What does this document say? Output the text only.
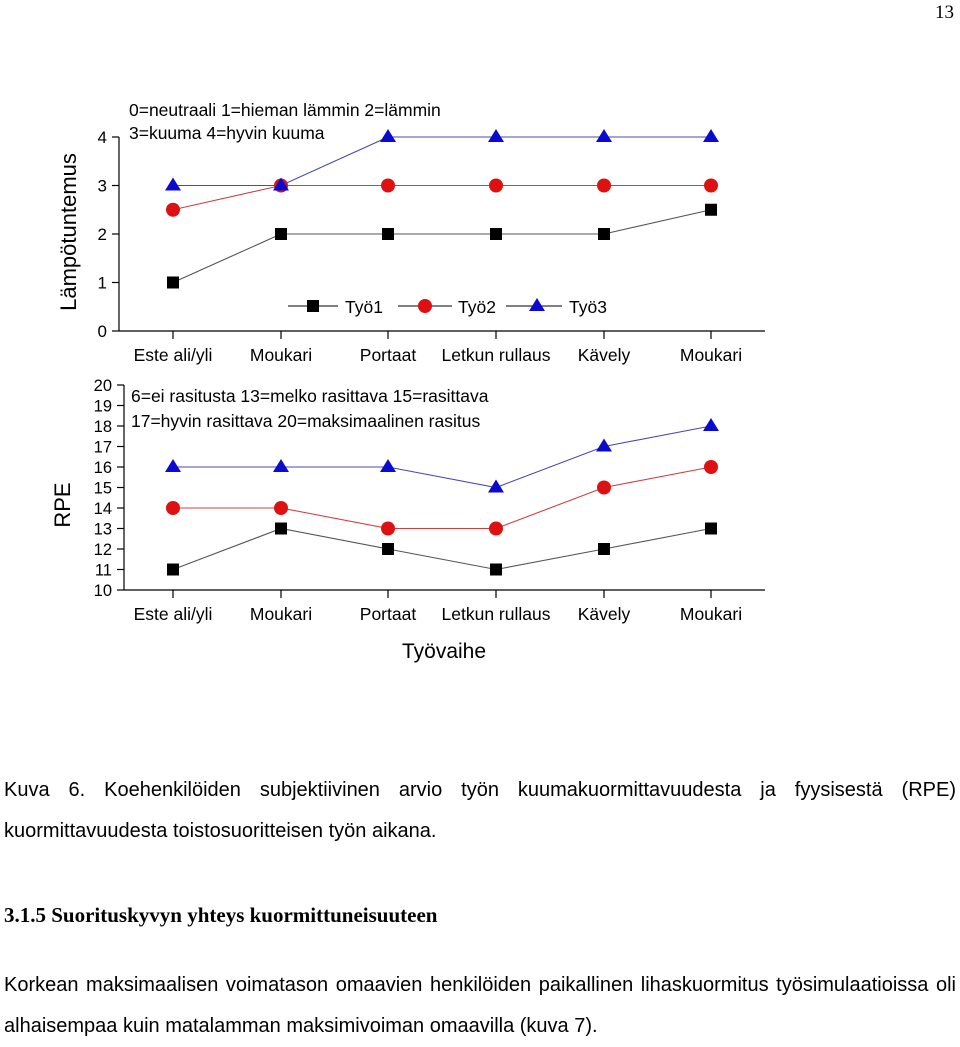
13
Lämpötuntemus
0=neutraali 1=hieman lämmin 2=lämmin
3=kuuma 4=hyvin kuuma
0
1
2
3
4
Este ali/yli Moukari	Portaat Letkun rullaus Kävely	Moukari
Työ1	Työ2	Työ3
RPE
6=ei rasitusta 13=melko rasittava 15=rasittava
17=hyvin rasittava 20=maksimaalinen rasitus
Työvaihe
10
11
12
13
14
15
16
17
18
19
20
Este ali/yli Moukari	Portaat Letkun rullaus Kävely	Moukari
Kuva 6. Koehenkilöiden subjektiivinen arvio työn kuumakuormittavuudesta ja fyysisestä (RPE) kuormittavuudesta toistosuoritteisen työn aikana.
3.1.5 Suorituskyvyn yhteys kuormittuneisuuteen
Korkean maksimaalisen voimatason omaavien henkilöiden paikallinen lihaskuormitus työsimulaatioissa oli alhaisempaa kuin matalamman maksimivoiman omaavilla (kuva 7).
